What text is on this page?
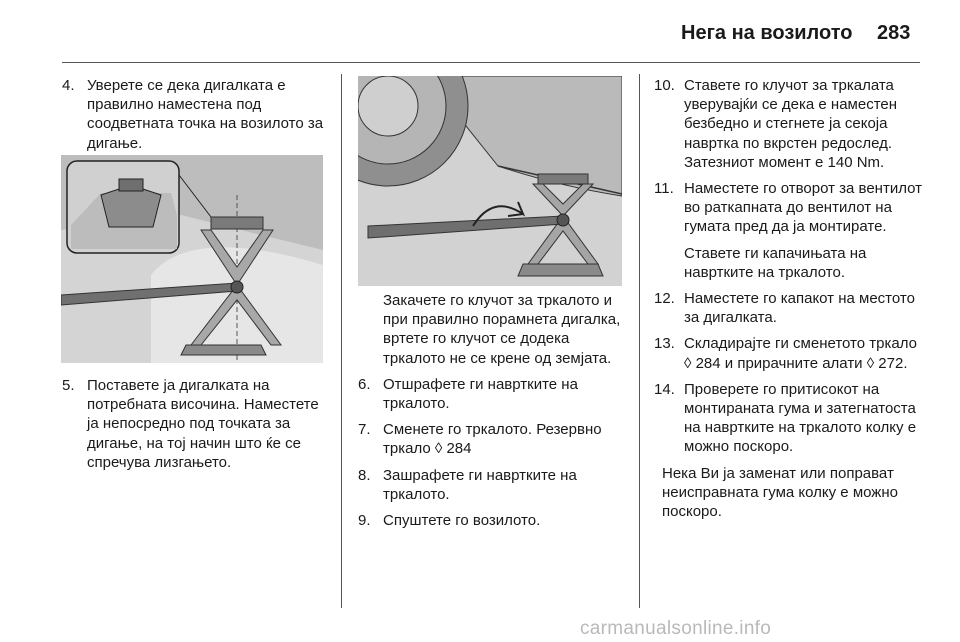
Нега на возилото 283
4. Уверете се дека дигалката е правилно наместена под соодветната точка на возилото за дигање.
5. Поставете ја дигалката на потребната височина. Наместете ја непосредно под точката за дигање, на тој начин што ќе се спречува лизгањето.
Закачете го клучот за тркалото и при правилно порамнета дигалка, вртете го клучот се додека тркалото не се крене од земјата.
6. Отшрафете ги навртките на тркалото.
7. Сменете го тркалото. Резервно тркало ◊ 284
8. Зашрафете ги навртките на тркалото.
9. Спуштете го возилото.
10. Ставете го клучот за тркалата уверувајќи се дека е наместен безбедно и стегнете ја секоја навртка по вкрстен редослед. Затезниот момент е 140 Nm.
11. Наместете го отворот за вентилот во раткапната до вентилот на гумата пред да ја монтирате.
Ставете ги капачињата на навртките на тркалото.
12. Наместете го капакот на местото за дигалката.
13. Складирајте ги сменетото тркало ◊ 284 и прирачните алати ◊ 272.
14. Проверете го притисокот на монтираната гума и затегнатоста на навртките на тркалото колку е можно поскоро.
Нека Ви ја заменат или поправат неисправната гума колку е можно поскоро.
carmanualsonline.info
